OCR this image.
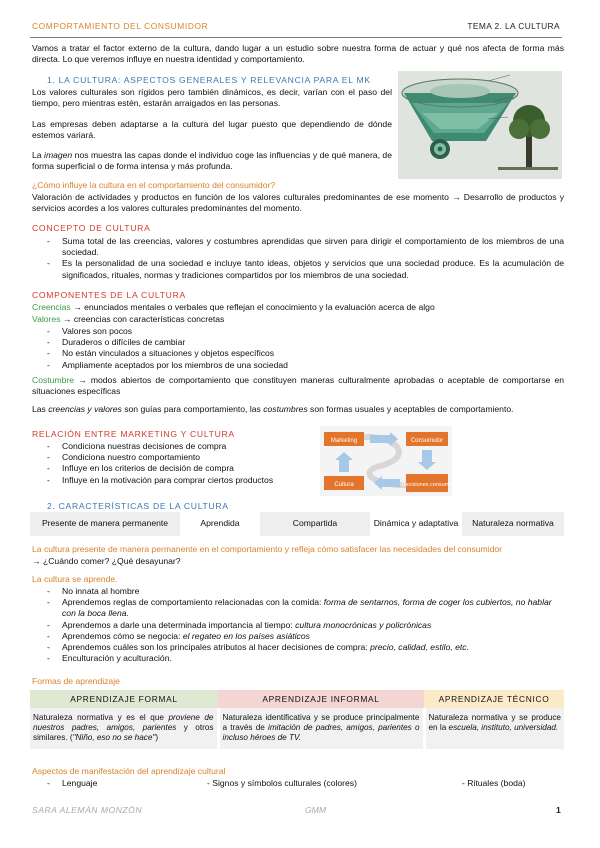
COMPORTAMIENTO DEL CONSUMIDOR	TEMA 2. LA CULTURA
Vamos a tratar el factor externo de la cultura, dando lugar a un estudio sobre nuestra forma de actuar y qué nos afecta de forma más directa. Lo que veremos influye en nuestra identidad y comportamiento.
1. LA CULTURA: ASPECTOS GENERALES Y RELEVANCIA PARA EL MK
Los valores culturales son rígidos pero también dinámicos, es decir, varían con el paso del tiempo, pero mientras estén, estarán arraigados en las personas.
Las empresas deben adaptarse a la cultura del lugar puesto que dependiendo de dónde estemos variará.
La imagen nos muestra las capas donde el individuo coge las influencias y de qué manera, de forma superficial o de forma intensa y más profunda.
¿Cómo influye la cultura en el comportamiento del consumidor?
Valoración de actividades y productos en función de los valores culturales predominantes de ese momento → Desarrollo de productos y servicios acordes a los valores culturales predominantes del momento.
CONCEPTO DE CULTURA
- Suma total de las creencias, valores y costumbres aprendidas que sirven para dirigir el comportamiento de los miembros de una sociedad.
- Es la personalidad de una sociedad e incluye tanto ideas, objetos y servicios que una sociedad produce. Es la acumulación de significados, rituales, normas y tradiciones compartidos por los miembros de una sociedad.
COMPONENTES DE LA CULTURA
Creencias → enunciados mentales o verbales que reflejan el conocimiento y la evaluación acerca de algo
Valores → creencias con características concretas
- Valores son pocos
- Duraderos o difíciles de cambiar
- No están vinculados a situaciones y objetos específicos
- Ampliamente aceptados por los miembros de una sociedad
Costumbre → modos abiertos de comportamiento que constituyen maneras culturalmente aprobadas o aceptable de comportarse en situaciones específicas
Las creencias y valores son guías para comportamiento, las costumbres son formas usuales y aceptables de comportamiento.
RELACIÓN ENTRE MARKETING Y CULTURA
- Condiciona nuestras decisiones de compra
- Condiciona nuestro comportamiento
- Influye en los criterios de decisión de compra
- Influye en la motivación para comprar ciertos productos
Marketing	Consumidor
Decisiones consumo
Cultura
2. CARACTERÍSTICAS DE LA CULTURA
Presente de manera permanente	Aprendida	Compartida	Dinámica y adaptativa	Naturaleza normativa
La cultura presente de manera permanente en el comportamiento y refleja cómo satisfacer las necesidades del consumidor
→ ¿Cuándo comer? ¿Qué desayunar?
La cultura se aprende.
- No innata al hombre
- Aprendemos reglas de comportamiento relacionadas con la comida: forma de sentarnos, forma de coger los cubiertos, no hablar con la boca llena.
- Aprendemos a darle una determinada importancia al tiempo: cultura monocrónicas y policrónicas
- Aprendemos cómo se negocia: el regateo en los países asiáticos
- Aprendemos cuáles son los principales atributos al hacer decisiones de compra: precio, calidad, estilo, etc.
- Enculturación y aculturación.
Formas de aprendizaje
APRENDIZAJE FORMAL	APRENDIZAJE INFORMAL	APRENDIZAJE TÉCNICO
Naturaleza normativa y es el que proviene de nuestros padres, amigos, parientes y otros similares. ("Niño, eso no se hace")	Naturaleza identificativa y se produce principalmente a través de imitación de padres, amigos, parientes o incluso héroes de TV.	Naturaleza normativa y se produce en la escuela, instituto, universidad.
Aspectos de manifestación del aprendizaje cultural
- Lenguaje	- Signos y símbolos culturales (colores)	- Rituales (boda)
SARA ALEMÁN MONZÓN	GMM	1
